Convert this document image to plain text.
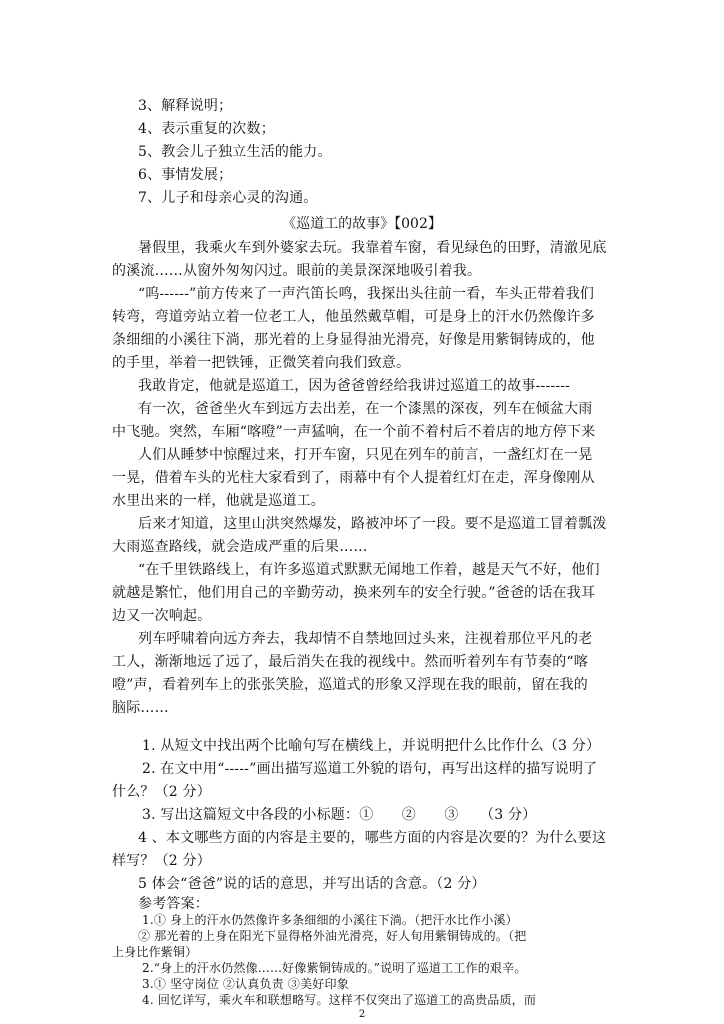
3、解释说明；
4、表示重复的次数；
5、教会儿子独立生活的能力。
6、事情发展；
7、儿子和母亲心灵的沟通。
《巡道工的故事》【002】
暑假里，我乘火车到外婆家去玩。我靠着车窗，看见绿色的田野，清澈见底
的溪流……从窗外匆匆闪过。眼前的美景深深地吸引着我。
“呜------”前方传来了一声汽笛长鸣，我探出头往前一看，车头正带着我们
转弯，弯道旁站立着一位老工人，他虽然戴草帽，可是身上的汗水仍然像许多
条细细的小溪往下淌，那光着的上身显得油光滑亮，好像是用紫铜铸成的，他
的手里，举着一把铁锤，正微笑着向我们致意。
我敢肯定，他就是巡道工，因为爸爸曾经给我讲过巡道工的故事-------
有一次，爸爸坐火车到远方去出差，在一个漆黑的深夜，列车在倾盆大雨
中飞驰。突然，车厢“喀噔”一声猛响，在一个前不着村后不着店的地方停下来
人们从睡梦中惊醒过来，打开车窗，只见在列车的前言，一盏红灯在一晃
一晃，借着车头的光柱大家看到了，雨幕中有个人提着红灯在走，浑身像刚从
水里出来的一样，他就是巡道工。
后来才知道，这里山洪突然爆发，路被冲坏了一段。要不是巡道工冒着瓢泼
大雨巡查路线，就会造成严重的后果……
“在千里铁路线上，有许多巡道式默默无闻地工作着，越是天气不好，他们
就越是繁忙，他们用自己的辛勤劳动，换来列车的安全行驶。”爸爸的话在我耳
边又一次响起。
列车呼啸着向远方奔去，我却情不自禁地回过头来，注视着那位平凡的老
工人，渐渐地远了远了，最后消失在我的视线中。然而听着列车有节奏的“喀
噔”声，看着列车上的张张笑脸，巡道式的形象又浮现在我的眼前，留在我的
脑际……
1. 从短文中找出两个比喻句写在横线上，并说明把什么比作什么（3 分）
2. 在文中用“-----”画出描写巡道工外貌的语句，再写出这样的描写说明了
什么？（2 分）
3. 写出这篇短文中各段的小标题：①　　②　　③　　（3 分）
4 、本文哪些方面的内容是主要的，哪些方面的内容是次要的？为什么要这
样写？（2 分）
5 体会“爸爸”说的话的意思，并写出话的含意。（2 分）
参考答案：
1.① 身上的汗水仍然像许多条细细的小溪往下淌。（把汗水比作小溪）
② 那光着的上身在阳光下显得格外油光滑亮，好人旬用紫铜铸成的。（把
上身比作紫铜）
2.“身上的汗水仍然像……好像紫铜铸成的。”说明了巡道工工作的艰辛。
3.① 坚守岗位 ②认真负责 ③美好印象
4. 回忆详写，乘火车和联想略写。这样不仅突出了巡道工的高贵品质，而
2
